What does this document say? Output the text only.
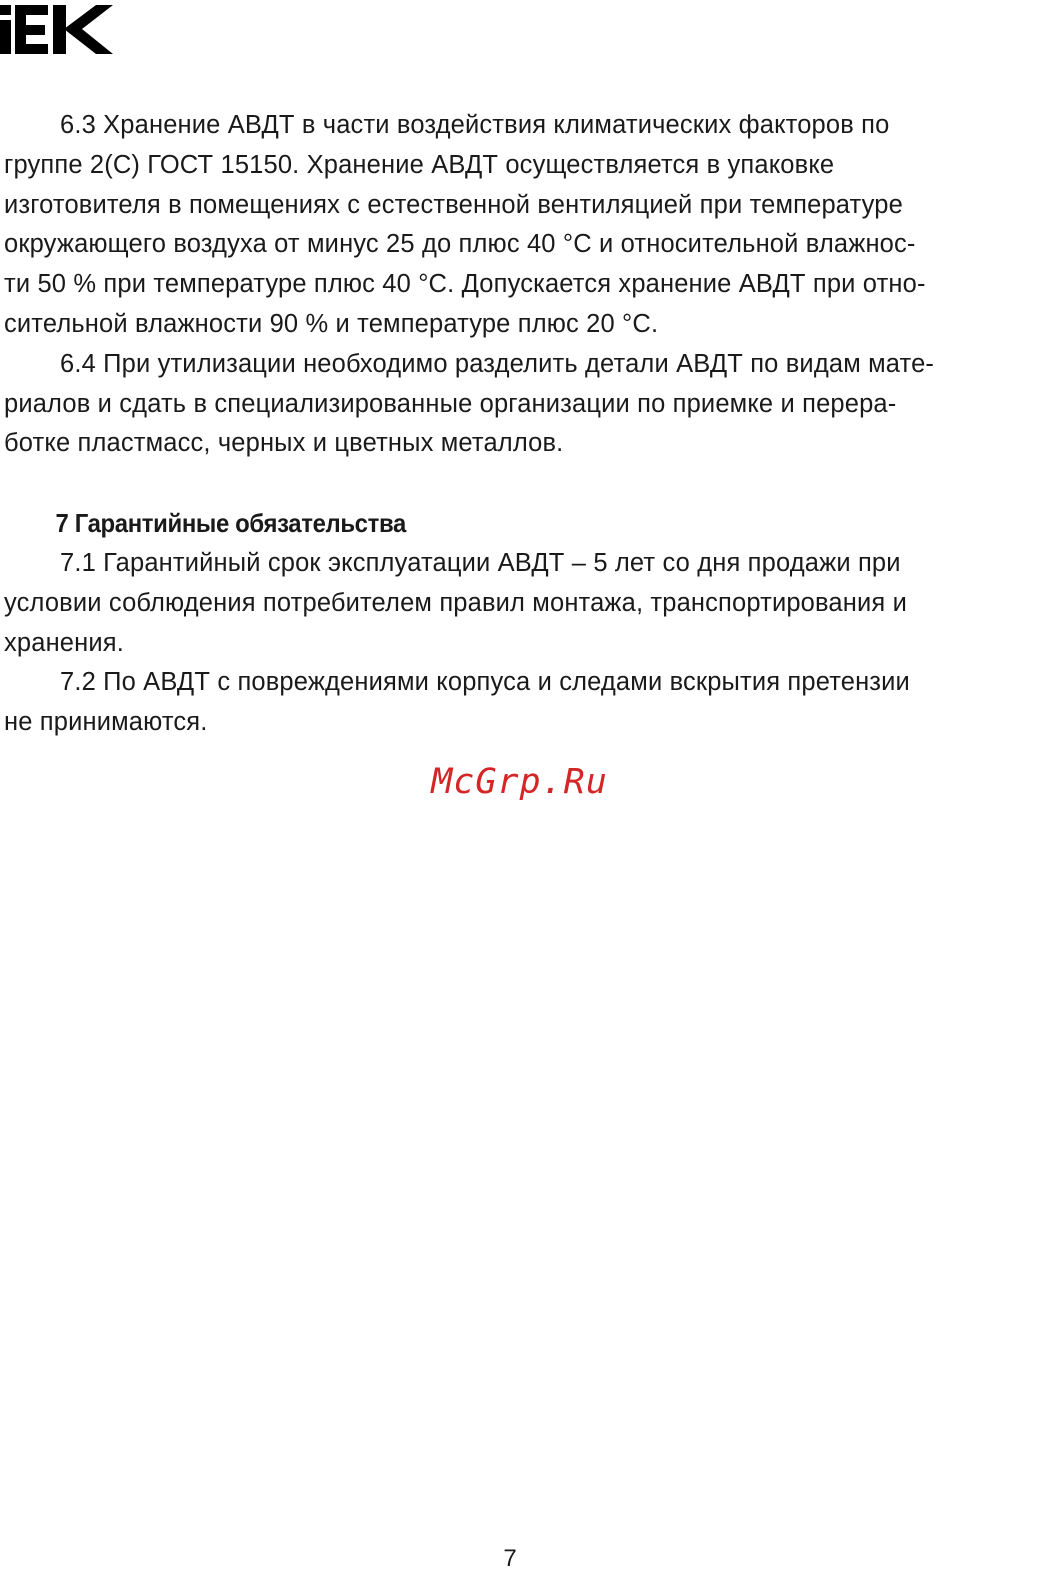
6.3 Хранение АВДТ в части воздействия климатических факторов по
группе 2(С) ГОСТ 15150. Хранение АВДТ осуществляется в упаковке
изготовителя в помещениях с естественной вентиляцией при температуре
окружающего воздуха от минус 25 до плюс 40 °С и относительной влажнос-
ти 50 % при температуре плюс 40 °С. Допускается хранение АВДТ при отно-
сительной влажности 90 % и температуре плюс 20 °С.

6.4 При утилизации необходимо разделить детали АВДТ по видам мате-
риалов и сдать в специализированные организации по приемке и перера-
ботке пластмасс, черных и цветных металлов.

7 Гарантийные обязательства

7.1 Гарантийный срок эксплуатации АВДТ – 5 лет со дня продажи при
условии соблюдения потребителем правил монтажа, транспортирования и
хранения.

7.2 По АВДТ с повреждениями корпуса и следами вскрытия претензии
не принимаются.

McGrp.Ru
7
